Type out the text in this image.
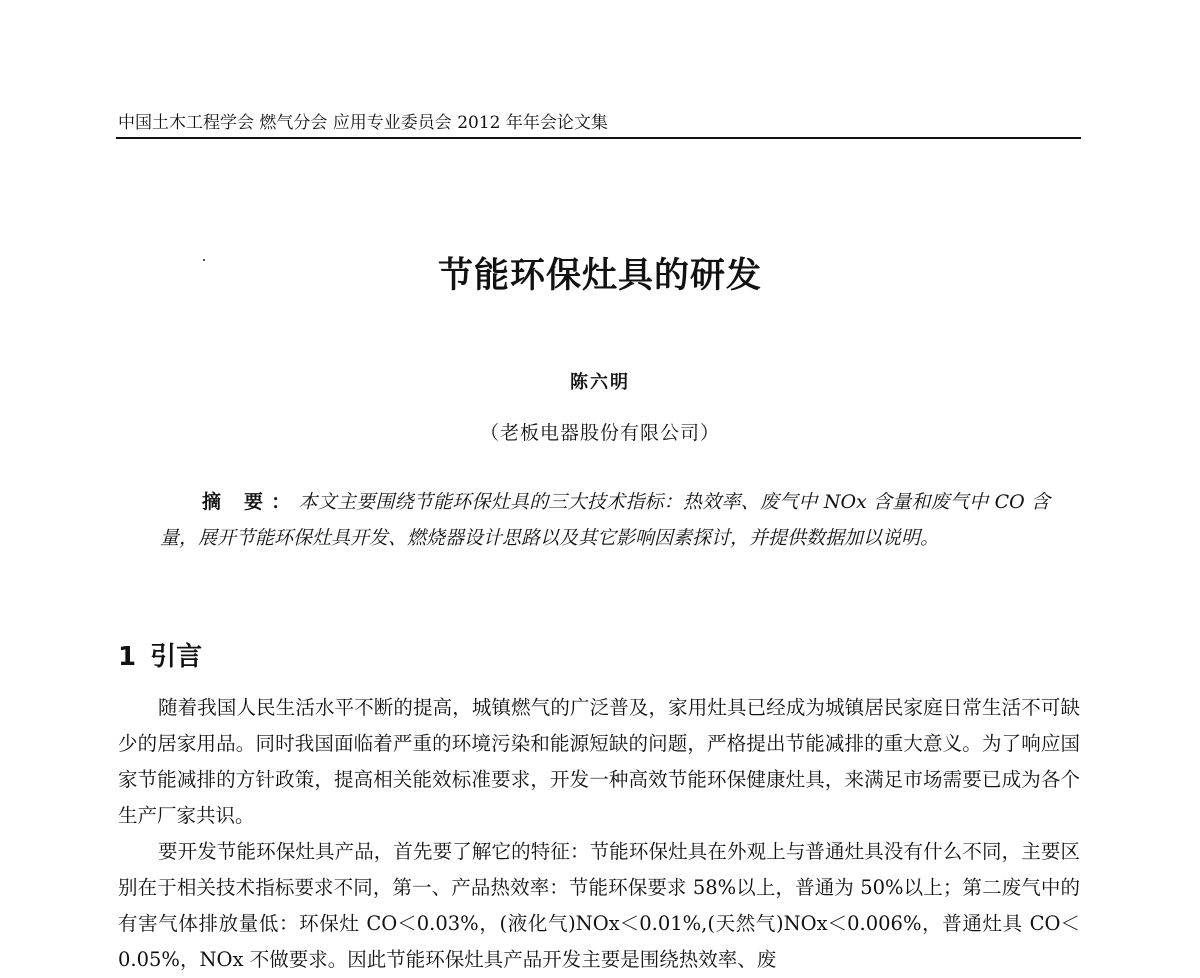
中国土木工程学会 燃气分会 应用专业委员会 2012 年年会论文集
节能环保灶具的研发
陈六明
（老板电器股份有限公司）
摘 要：本文主要围绕节能环保灶具的三大技术指标：热效率、废气中 NOx 含量和废气中 CO 含量，展开节能环保灶具开发、燃烧器设计思路以及其它影响因素探讨，并提供数据加以说明。
1 引言

随着我国人民生活水平不断的提高，城镇燃气的广泛普及，家用灶具已经成为城镇居民家庭日常生活不可缺少的居家用品。同时我国面临着严重的环境污染和能源短缺的问题，严格提出节能减排的重大意义。为了响应国家节能减排的方针政策，提高相关能效标准要求，开发一种高效节能环保健康灶具，来满足市场需要已成为各个生产厂家共识。

要开发节能环保灶具产品，首先要了解它的特征：节能环保灶具在外观上与普通灶具没有什么不同，主要区别在于相关技术指标要求不同，第一、产品热效率：节能环保要求 58%以上，普通为 50%以上；第二废气中的有害气体排放量低：环保灶 CO＜0.03%，(液化气)NOx＜0.01%,(天然气)NOx＜0.006%，普通灶具 CO＜0.05%，NOx 不做要求。因此节能环保灶具产品开发主要是围绕热效率、废
